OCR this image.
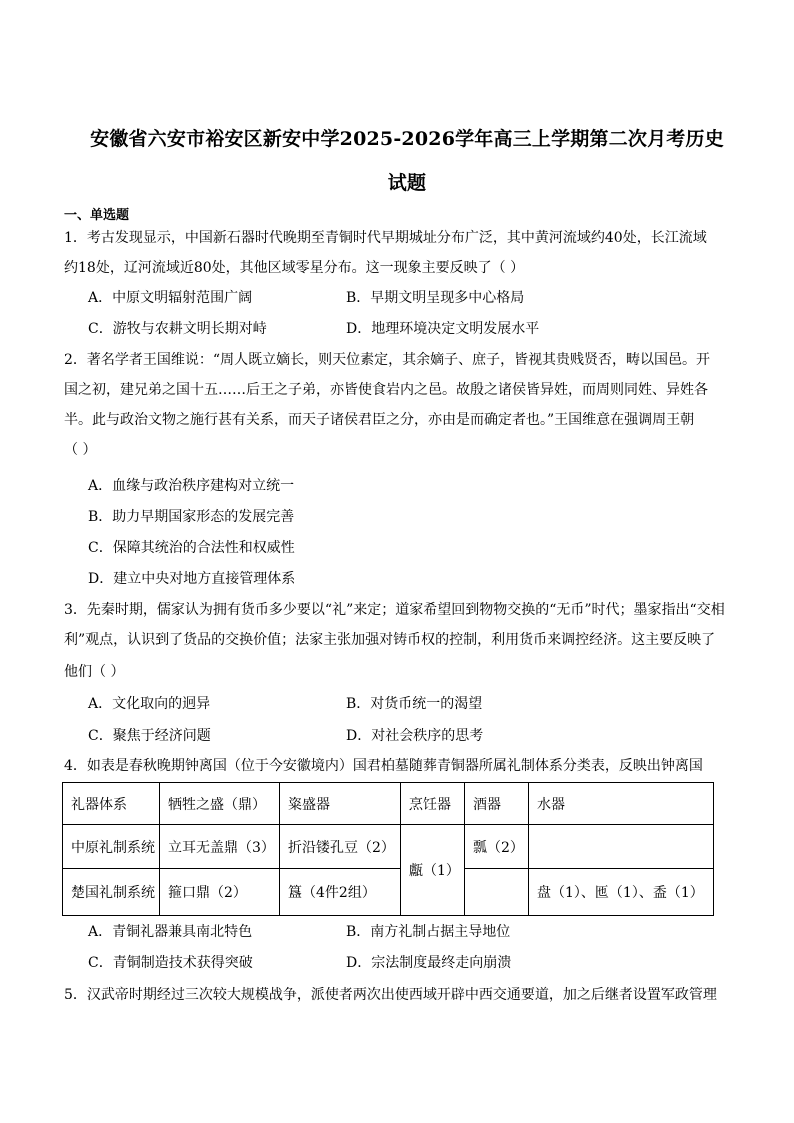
安徽省六安市裕安区新安中学2025-2026学年高三上学期第二次月考历史
试题
一、单选题
1．考古发现显示，中国新石器时代晚期至青铜时代早期城址分布广泛，其中黄河流域约40处，长江流域
约18处，辽河流域近80处，其他区域零星分布。这一现象主要反映了（ ）
A．中原文明辐射范围广阔	B．早期文明呈现多中心格局
C．游牧与农耕文明长期对峙	D．地理环境决定文明发展水平
2．著名学者王国维说：“周人既立嫡长，则天位素定，其余嫡子、庶子，皆视其贵贱贤否，畴以国邑。开
国之初，建兄弟之国十五……后王之子弟，亦皆使食岩内之邑。故殷之诸侯皆异姓，而周则同姓、异姓各
半。此与政治文物之施行甚有关系，而天子诸侯君臣之分，亦由是而确定者也。”王国维意在强调周王朝
（ ）
A．血缘与政治秩序建构对立统一
B．助力早期国家形态的发展完善
C．保障其统治的合法性和权威性
D．建立中央对地方直接管理体系
3．先秦时期，儒家认为拥有货币多少要以“礼”来定；道家希望回到物物交换的“无币”时代；墨家指出“交相
利”观点，认识到了货品的交换价值；法家主张加强对铸币权的控制，利用货币来调控经济。这主要反映了
他们（ ）
A．文化取向的迥异	B．对货币统一的渴望
C．聚焦于经济问题	D．对社会秩序的思考
4．如表是春秋晚期钟离国（位于今安徽境内）国君柏墓随葬青铜器所属礼制体系分类表，反映出钟离国
礼器体系	牺牲之盛（鼎）	粢盛器	烹饪器	酒器	水器
中原礼制系统	立耳无盖鼎（3）	折沿镂孔豆（2）	甗（1）	瓢（2）	
楚国礼制系统	箍口鼎（2）	簋（4件2组）			盘（1）、匜（1）、盉（1）
A．青铜礼器兼具南北特色	B．南方礼制占据主导地位
C．青铜制造技术获得突破	D．宗法制度最终走向崩溃
5．汉武帝时期经过三次较大规模战争，派使者两次出使西域开辟中西交通要道，加之后继者设置军政管理
